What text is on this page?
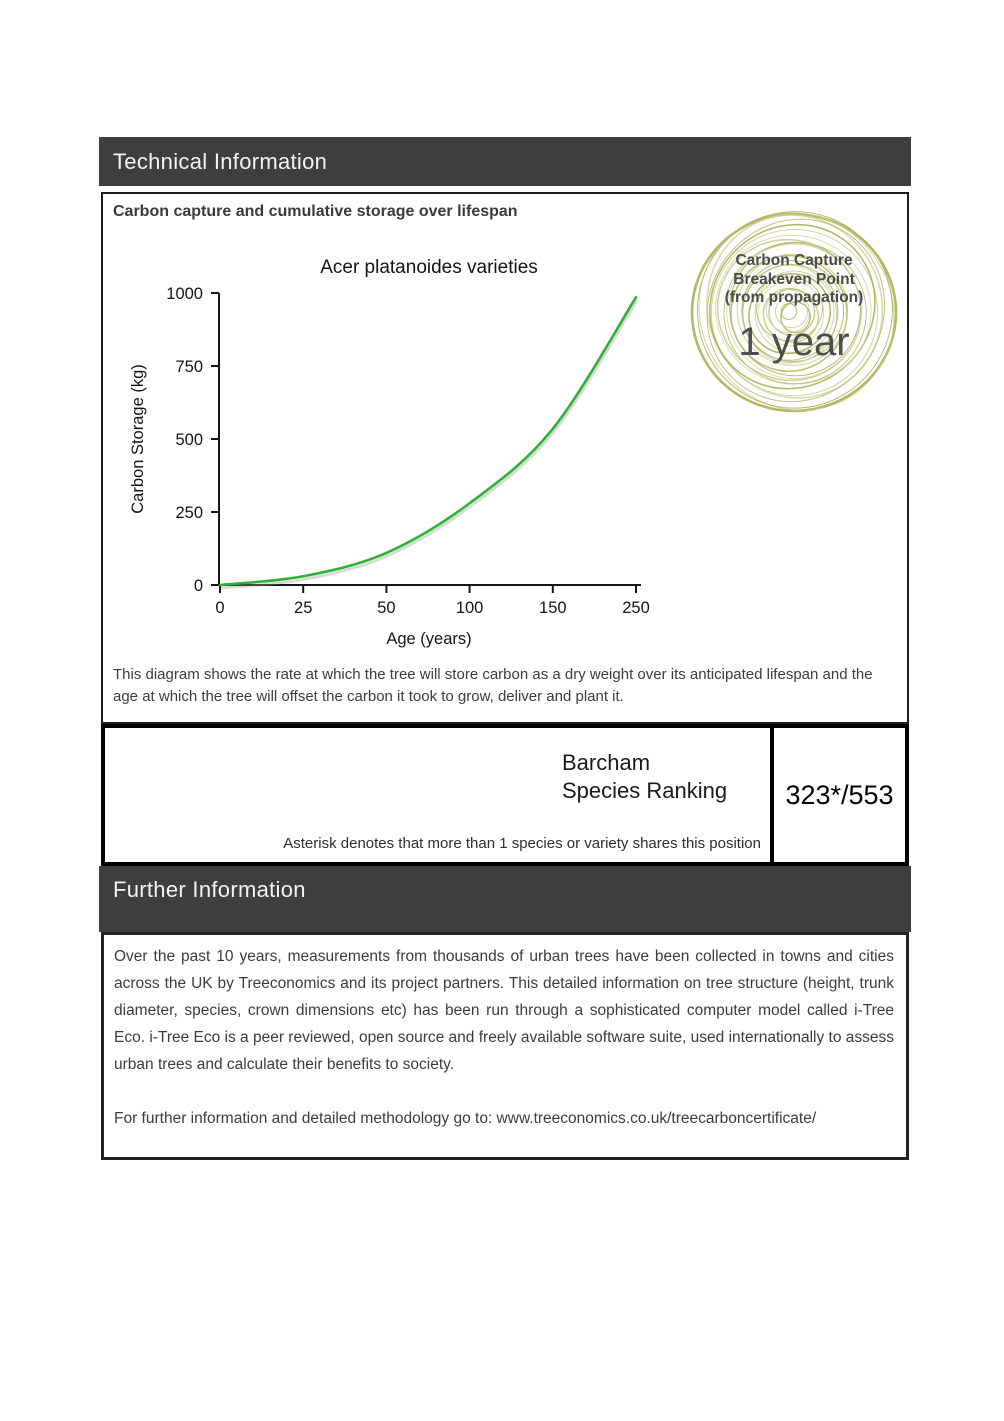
Technical Information
Carbon capture and cumulative storage over lifespan
Acer platanoides varieties
Carbon Storage (kg)
Age (years)
0
250
500
750
1000
0	25	50	100	150	250
Carbon Capture
Breakeven Point
(from propagation)
1 year
This diagram shows the rate at which the tree will store carbon as a dry weight over its anticipated lifespan and the age at which the tree will offset the carbon it took to grow, deliver and plant it.
Barcham
Species Ranking
Asterisk denotes that more than 1 species or variety shares this position
323*/553
Further Information

Over the past 10 years, measurements from thousands of urban trees have been collected in towns and cities across the UK by Treeconomics and its project partners. This detailed information on tree structure (height, trunk diameter, species, crown dimensions etc) has been run through a sophisticated computer model called i-Tree Eco. i-Tree Eco is a peer reviewed, open source and freely available software suite, used internationally to assess urban trees and calculate their benefits to society.

For further information and detailed methodology go to: www.treeconomics.co.uk/treecarboncertificate/
